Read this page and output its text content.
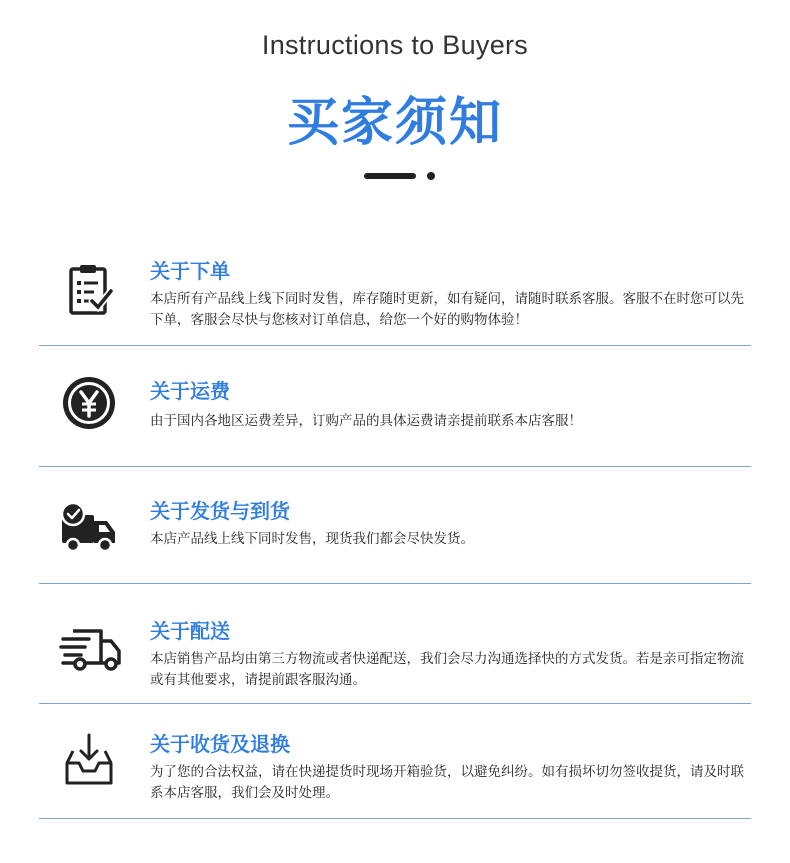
Instructions to Buyers
买家须知
关于下单
本店所有产品线上线下同时发售，库存随时更新，如有疑问，请随时联系客服。客服不在时您可以先下单，客服会尽快与您核对订单信息，给您一个好的购物体验！
关于运费
由于国内各地区运费差异，订购产品的具体运费请亲提前联系本店客服！
关于发货与到货
本店产品线上线下同时发售，现货我们都会尽快发货。
关于配送
本店销售产品均由第三方物流或者快递配送，我们会尽力沟通选择快的方式发货。若是亲可指定物流或有其他要求，请提前跟客服沟通。
关于收货及退换
为了您的合法权益，请在快递提货时现场开箱验货，以避免纠纷。如有损坏切勿签收提货，请及时联系本店客服，我们会及时处理。
